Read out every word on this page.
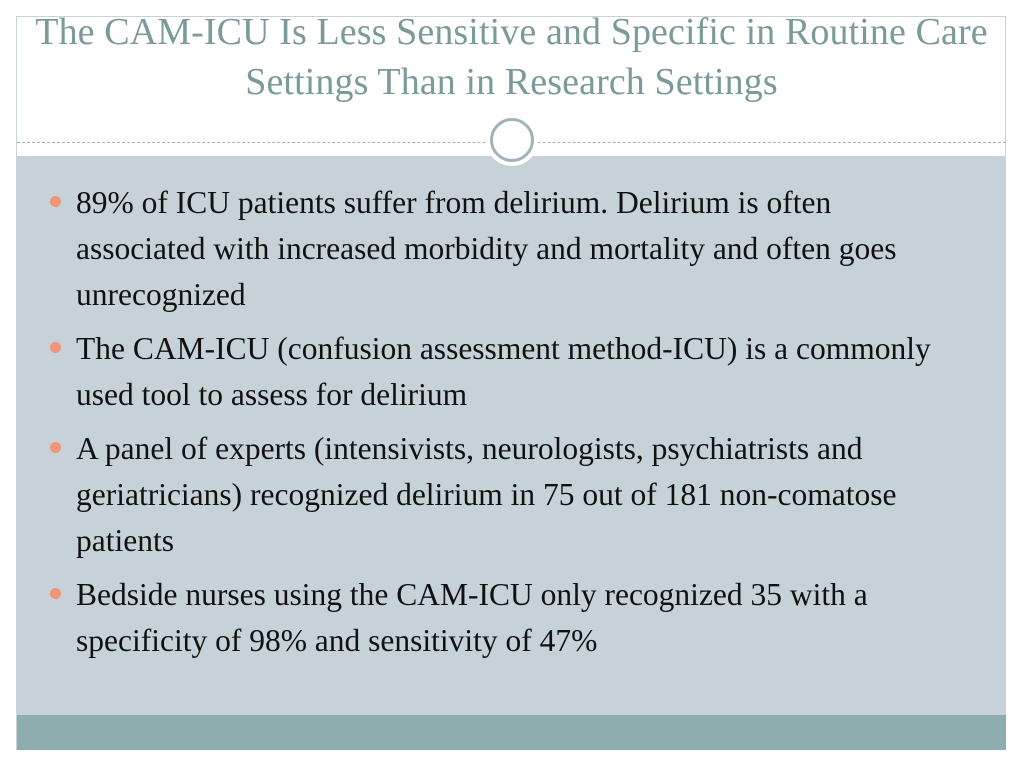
The CAM-ICU Is Less Sensitive and Specific in Routine Care Settings Than in Research Settings
89% of ICU patients suffer from delirium. Delirium is often associated with increased morbidity and mortality and often goes unrecognized
The CAM-ICU (confusion assessment method-ICU) is a commonly used tool to assess for delirium
A panel of experts (intensivists, neurologists, psychiatrists and geriatricians) recognized delirium in 75 out of 181 non-comatose patients
Bedside nurses using the CAM-ICU only recognized 35 with a specificity of 98% and sensitivity of 47%
